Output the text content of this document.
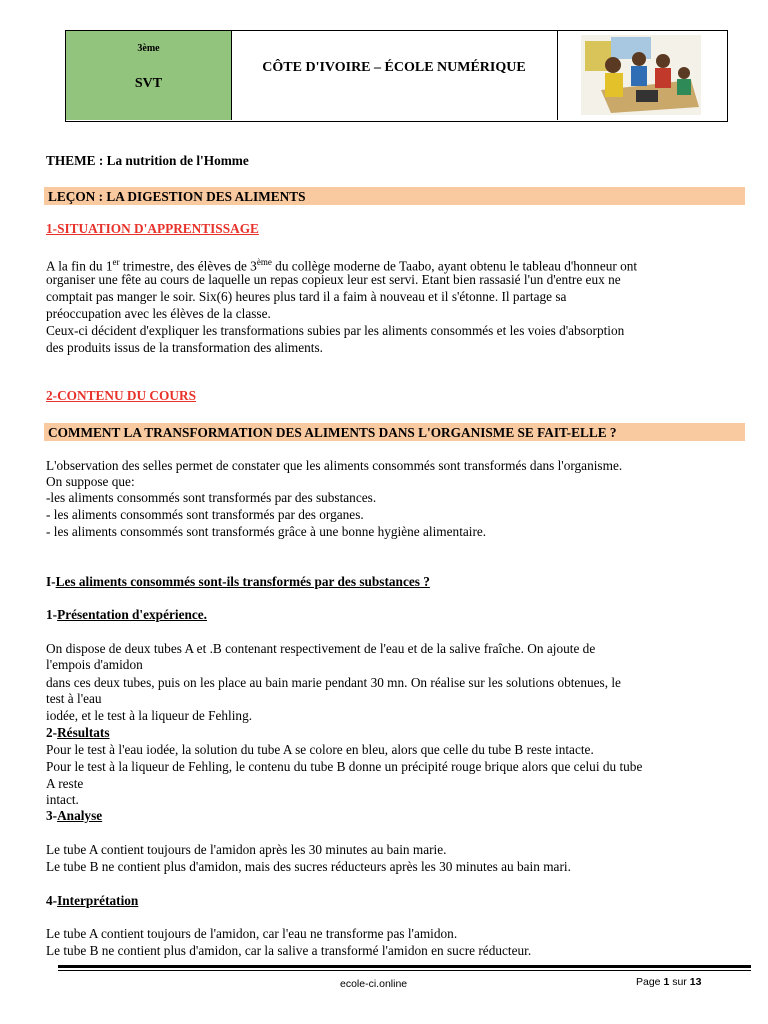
3ème
SVT
CÔTE D'IVOIRE – ÉCOLE NUMÉRIQUE
THEME : La nutrition de l'Homme
LEÇON : LA DIGESTION DES ALIMENTS
1-SITUATION D'APPRENTISSAGE
A la fin du 1er trimestre, des élèves de 3ème du collège moderne de Taabo, ayant obtenu le tableau d'honneur ont
organiser une fête au cours de laquelle un repas copieux leur est servi. Etant bien rassasié l'un d'entre eux ne
comptait pas manger le soir. Six(6) heures plus tard il a faim à nouveau et il s'étonne. Il partage sa
préoccupation avec les élèves de la classe.
Ceux-ci décident d'expliquer les transformations subies par les aliments consommés et les voies d'absorption
des produits issus de la transformation des aliments.
2-CONTENU DU COURS
COMMENT LA TRANSFORMATION DES ALIMENTS DANS L'ORGANISME SE FAIT-ELLE ?
L'observation des selles permet de constater que les aliments consommés sont transformés dans l'organisme.
On suppose que:
-les aliments consommés sont transformés par des substances.
- les aliments consommés sont transformés par des organes.
- les aliments consommés sont transformés grâce à une bonne hygiène alimentaire.
I-Les aliments consommés sont-ils transformés par des substances ?
1-Présentation d'expérience.
On dispose de deux tubes A et .B contenant respectivement de l'eau et de la salive fraîche. On ajoute de
l'empois d'amidon
dans ces deux tubes, puis on les place au bain marie pendant 30 mn. On réalise sur les solutions obtenues, le
test à l'eau
iodée, et le test à la liqueur de Fehling.
2-Résultats
Pour le test à l'eau iodée, la solution du tube A se colore en bleu, alors que celle du tube B reste intacte.
Pour le test à la liqueur de Fehling, le contenu du tube B donne un précipité rouge brique alors que celui du tube
A reste
intact.
3-Analyse
Le tube A contient toujours de l'amidon après les 30 minutes au bain marie.
Le tube B ne contient plus d'amidon, mais des sucres réducteurs après les 30 minutes au bain mari.
4-Interprétation
Le tube A contient toujours de l'amidon, car l'eau ne transforme pas l'amidon.
Le tube B ne contient plus d'amidon, car la salive a transformé l'amidon en sucre réducteur.
ecole-ci.online	Page 1 sur 13
